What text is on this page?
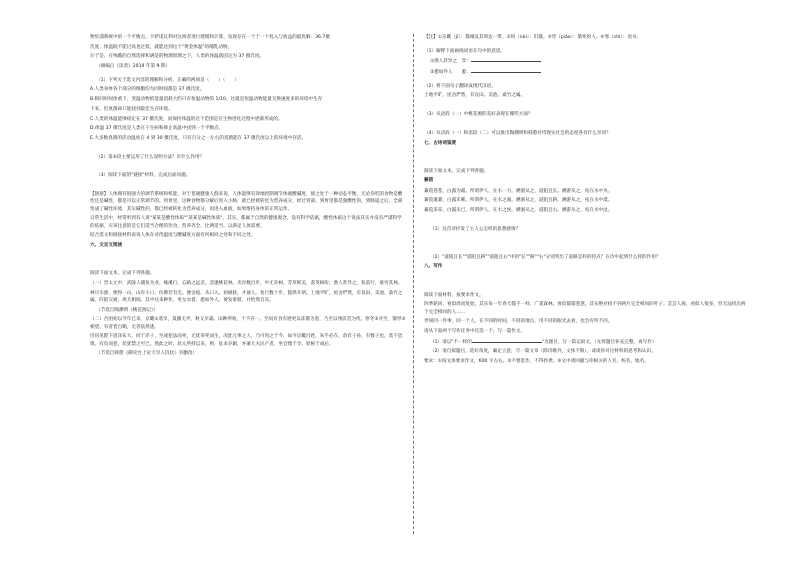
物於浦系统中的一个平衡点。卡萨诺瓦利对这两者进行建模和计算，发现存在一个于一个投入与收益的最优解：36.7摄
氏度。体温既不能过高也过低，就能达到这个"黄金体温"的哺乳动物。
⑪于是，在残酷的自然选择和满是的物理原理之下，人类的体温就固定为 37 摄氏度。
（摘编自《读者》2019 年第 9 期）
（1）下列关于选文内容的理解和分析，正确的两项是（　　）（　　）
A.人类身体各个部分的细胞均为同时间都是 37 摄氏度。
B.相同时间体重下，变温动物的能量消耗大约只有恒温动物的 1/10，这就是恒温动物能量交换速度多的环境中生存
下来，但真菌却只能找到最佳生存环境。
C.人类的体温能够稳定在 37 摄氏度，而保持体温的这个范围是在生物进化过程中逐渐形成的。
D.体温 37 摄氏度是人类在干生病和抑止高温中找到一个平衡点。
E.大多数真菌的活动温度在 4 到 30 摄氏度，只有百分之一左右的真菌能在 37 摄氏度以上的环境中存活。
（2）第⑥段主要运用了什么说明方法？有什么作用？
（3）阅读下面的"链接"材料，完成后面问题。
【链接】人体拥有很强大的调节系统和机能，对于普通健康人群来说，人体能够有效地控制调节体液酸碱度，使之处于一种动态平衡，无论你吃的食物是酸性还是碱性，都是可以正常调节的。到胃里，这种食物都分解后进入小肠，就已经被转化为营养成分，经过胃部、到胃里都是强酸性的，到肠道之后，全部变成了碱性环境，其实碱性的，都已经被转化为营养成分，再进入血液，如果维持身体的正常运作。
日常生活中，经常听到有人说"某某是酸性体质""某某是碱性体质"，其实，都属于自然的健康观念，没有科学依据，酸性体质这个说法其实并没有严谨科学的依据，应该注意的是它们适当合理的饮食，营养齐全，比例适当，以满足人体需要。
结合选文和链接材料说说人体在对待温度与酸碱度方面有何相同之处和不同之处。
六、文言文阅读
阅读下面文本，完成下列各题。
（一）晋太元中，武陵人捕鱼为业。缘溪行，忘路之远近。忽逢桃花林，夹岸数百步，中无杂树，芳草鲜美，落英缤纷。渔人甚异之，复前行，欲穷其林。
林尽水源，便得一山，山有小口，仿佛若有光。便舍船，从口入。初极狭，才通人。复行数十步，豁然开朗。土地平旷，屋舍俨然，有良田、美池、桑竹之属。阡陌交通，鸡犬相闻。其中往来种作，男女衣着，悉如外人。黄发垂髫，并怡然自乐。
（节选自陶渊明《桃花源记》）
（二）吾团初以今年已来，京畿①遥旱，夏播无弄，秋又早霜。田种所收，十不存一。至闰有食有逐更以冻饿为患，乃至以残饥荒为忧，寒冬②并至，饿殍③相望。有者皆自锄，无者依然逃。
臣窃见陛下恩泽布大，同于赤子，至或犯法而死，尤犹罪死而生。况此元事之人，乃可用之于今，如今京畿百姓，朱半必在，余有子孙，有数子也，莫不恐惧。有负而犯，状犹禁之可已。然此之时，状元所持以来，则，征求存剿，并兼大夫民产者，坐宜惯于令。原候于成后。
（节选自韩愈《御史台上论天旱人饥状》有删改）
【注】①京畿（jī）：都城及其周边一带。②饲（nèi）：饥饿。③殍（piǎo）：饿死的人。④寒（chì）：语书。
（1）解释下面画线词语在句中的意思。
①渔人甚异之　异：
②悉如外人　　悉：
（2）将下面句子翻译成现代汉语。
土地平旷，屋舍俨然，有良田、美池、桑竹之属。
（3）从语段（一）中桃花源的美好表现在哪些方面？
（4）从语段（一）和语段（二）可以推出陶渊明和韩愈对待现实社会的态度各有什么异同？
七、古诗词鉴赏
阅读下面文本，完成下列各题。
蒹葭
蒹葭苍苍，白露为霜。所谓伊人，在水一方。溯洄从之，道阻且长。溯游从之，宛在水中央。
蒹葭萋萋，白露未晞。所谓伊人，在水之湄。溯洄从之，道阻且跻。溯游从之，宛在水中坻。
蒹葭采采，白露未已。所谓伊人，在水之涘。溯洄从之，道阻且右。溯游从之，宛在水中沚。
（1）这首诗抒发了主人公怎样的思想感情？
（2）"道阻且长""道阻且跻""道阻且右"中的"长""跻""右"分别突出了道路怎样的特点？在诗中起到什么样的作用？
八、写作
阅读下面材料，按要求作文。
四季轮回，看似周而复始，其实每一年春天都不一样；广袤森林，看似郁郁葱葱，其实绝对找不到两片完全相同的叶子；芸芸人海，看似人很多，但无法找出两个完全相同的人……
世间同一件事，同一个人，在不同的时间，不同的地点，用不同的眼光去看，也会有所不同。
请从下面两个写作任务中任选一个，写一篇作文。
（1）请以"不一样的	"为题目，写一篇记叙文。（先将题目补充完整，再写作）
（2）请自拟题目，选好角度，确定立意，写一篇文章（除诗歌外，文体不限），谈谈你对这材料的思考和认识。
要求：①按文体要求作文，600 字左右。②不要套作，不得抄袭。③文中请回避与你相关的人名、校名、地名。
